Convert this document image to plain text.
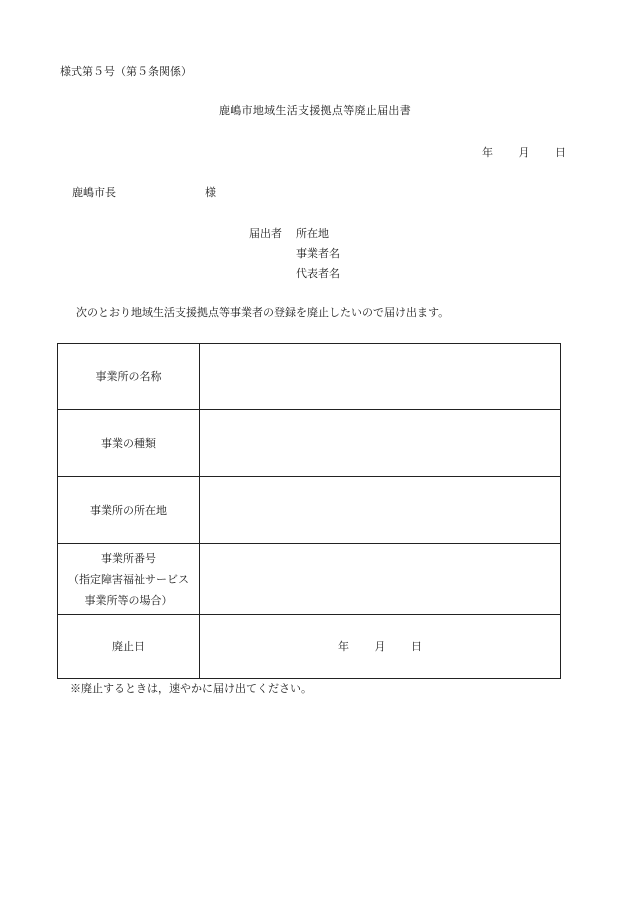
様式第５号（第５条関係）
鹿嶋市地域生活支援拠点等廃止届出書
年 月 日
鹿嶋市長	様
届出者 所在地
事業者名
代表者名
次のとおり地域生活支援拠点等事業者の登録を廃止したいので届け出ます。
事業所の名称	
事業の種類	
事業所の所在地	

事業所番号
（指定障害福祉サービス
事業所等の場合）	

廃止日	年 月 日
※廃止するときは，速やかに届け出てください。
